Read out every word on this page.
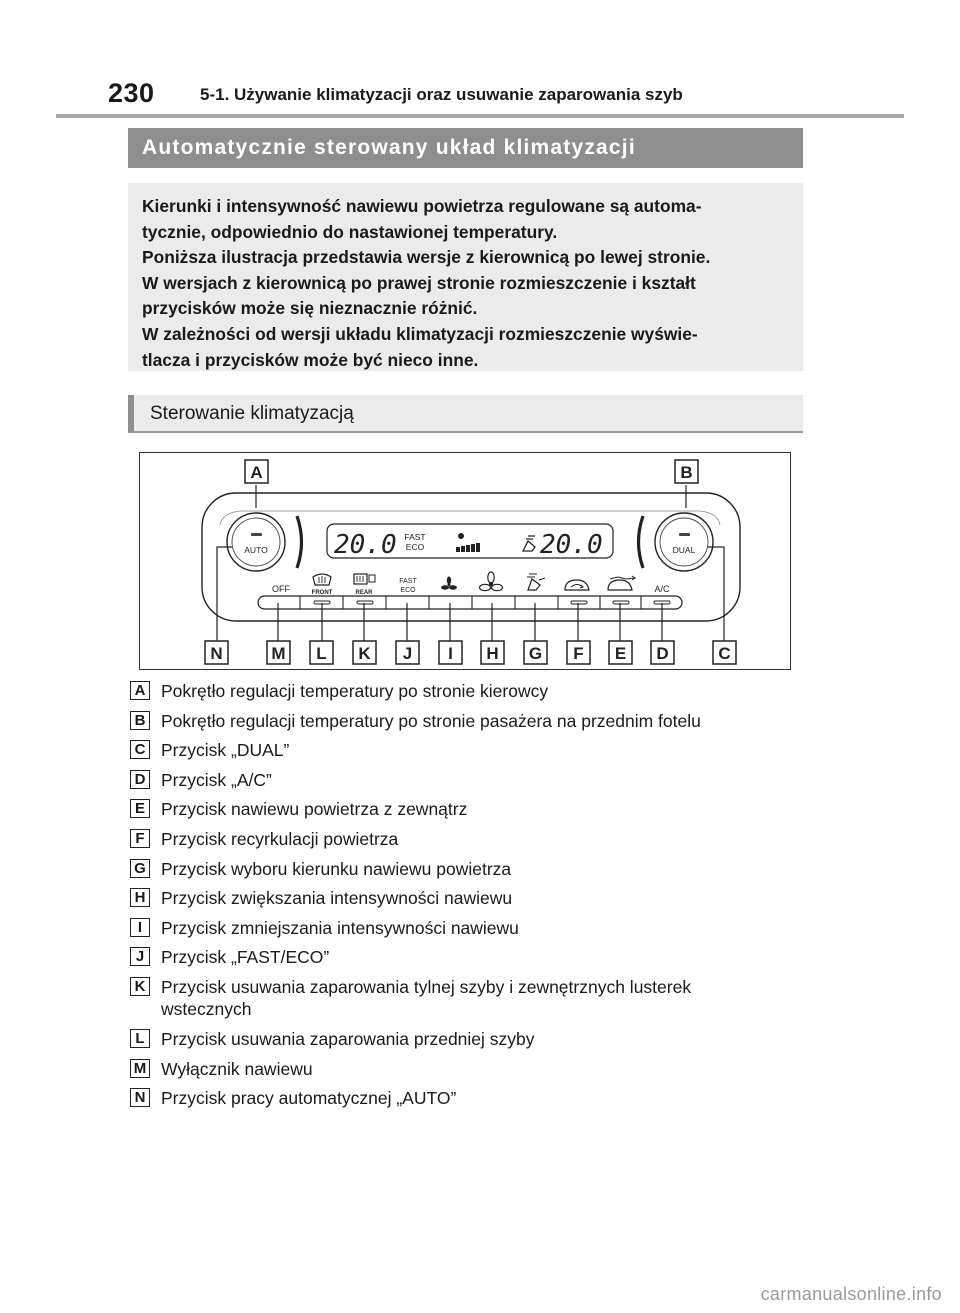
230	5-1. Używanie klimatyzacji oraz usuwanie zaparowania szyb
Automatycznie sterowany układ klimatyzacji
Kierunki i intensywność nawiewu powietrza regulowane są automa-
tycznie, odpowiednio do nastawionej temperatury.
Poniższa ilustracja przedstawia wersje z kierownicą po lewej stronie.
W wersjach z kierownicą po prawej stronie rozmieszczenie i kształt
przycisków może się nieznacznie różnić.
W zależności od wersji układu klimatyzacji rozmieszczenie wyświe-
tlacza i przycisków może być nieco inne.
Sterowanie klimatyzacją
AUTO	DUAL
20.0 FAST
ECO	20.0
OFF	FRONT	REAR
FAST
ECO	A/C
A	B
N	M L K J I H G F E D	C
A Pokrętło regulacji temperatury po stronie kierowcy
B Pokrętło regulacji temperatury po stronie pasażera na przednim fotelu
C Przycisk „DUAL”
D Przycisk „A/C”
E Przycisk nawiewu powietrza z zewnątrz
F Przycisk recyrkulacji powietrza
G Przycisk wyboru kierunku nawiewu powietrza
H Przycisk zwiększania intensywności nawiewu
I	Przycisk zmniejszania intensywności nawiewu
J Przycisk „FAST/ECO”
K Przycisk usuwania zaparowania tylnej szyby i zewnętrznych lusterek
wstecznych
L Przycisk usuwania zaparowania przedniej szyby
M Wyłącznik nawiewu
N Przycisk pracy automatycznej „AUTO”
carmanualsonline.info
